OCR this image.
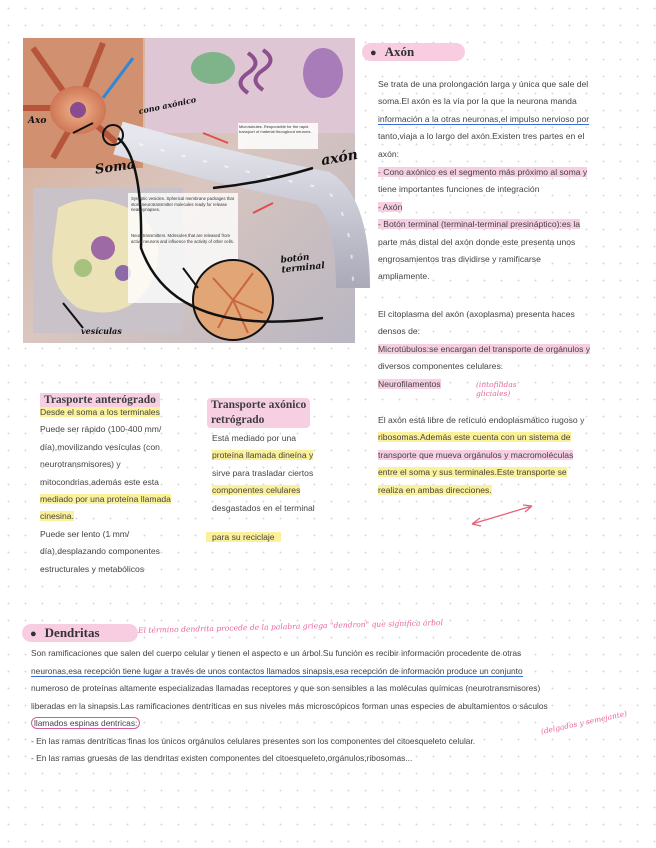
Axo
cono axónico
Soma	axón
botón terminal
vesículas
Microtubules. Responsible for the rapid transport of material throughout neurons.
Synaptic vesicles. Spherical membrane packages that store neurotransmitter molecules ready for release near synapses.
Neurotransmitters. Molecules that are released from active neurons and influence the activity of other cells.
● Axón

Se trata de una prolongación larga y única que sale del
soma.El axón es la vía por la que la neurona manda
información a la otras neuronas,el impulso nervioso por
tanto,viaja a lo largo del axón.Existen tres partes en el
axón:

- Cono axónico es el segmento más próximo al soma y
tiene importantes funciones de integración
- Axón
- Botón terminal (terminal-terminal presináptico):es la
parte más distal del axón donde este presenta unos
engrosamientos tras dividirse y ramificarse
ampliamente.

El citoplasma del axón (axoplasma) presenta haces
densos de:
Microtúbulos:se encargan del transporte de orgánulos y
diversos componentes celulares.
Neurofilamentos	(intofilidas gliciales)

El axón está libre de retículo endoplasmático rugoso y
ribosomas.Además este cuenta con un sistema de
transporte que mueva orgánulos y macromoléculas
entre el soma y sus terminales.Este transporte se
realiza en ambas direcciones.

Trasporte anterógrado

Desde el soma a los terminales
Puede ser rápido (100-400 mm/
día),movilizando vesículas (con
neurotransmisores) y
mitocondrias,además este esta
mediado por una proteína llamada
cinesina.
Puede ser lento (1 mm/
día),desplazando componentes
estructurales y metabólicos

Transporte axónico
retrógrado

Está mediado por una
proteína llamada dineína y
sirve para trasladar ciertos
componentes celulares
desgastados en el terminal

para su reciclaje

● Dendritas	El término dendrita procede de la palabra griega "dendron" que significa árbol

Son ramificaciones que salen del cuerpo celular y tienen el aspecto e un árbol.Su función es recibir información procedente de otras
neuronas,esa recepción tiene lugar a través de unos contactos llamados sinapsis,esa recepción de información produce un conjunto
numeroso de proteínas altamente especializadas llamadas receptores y que son sensibles a las moléculas químicas (neurotransmisores)
liberadas en la sinapsis.Las ramificaciones dentríticas en sus niveles más microscópicos forman unas especies de abultamientos o sáculos
llamados espinas dentricas:
- En las ramas dentríticas finas los únicos orgánulos celulares presentes son los componentes del citoesqueleto celular.
- En las ramas gruesas de las dendritas existen componentes del citoesqueleto,orgánulos,ribosomas...

(delgados y semejante)
